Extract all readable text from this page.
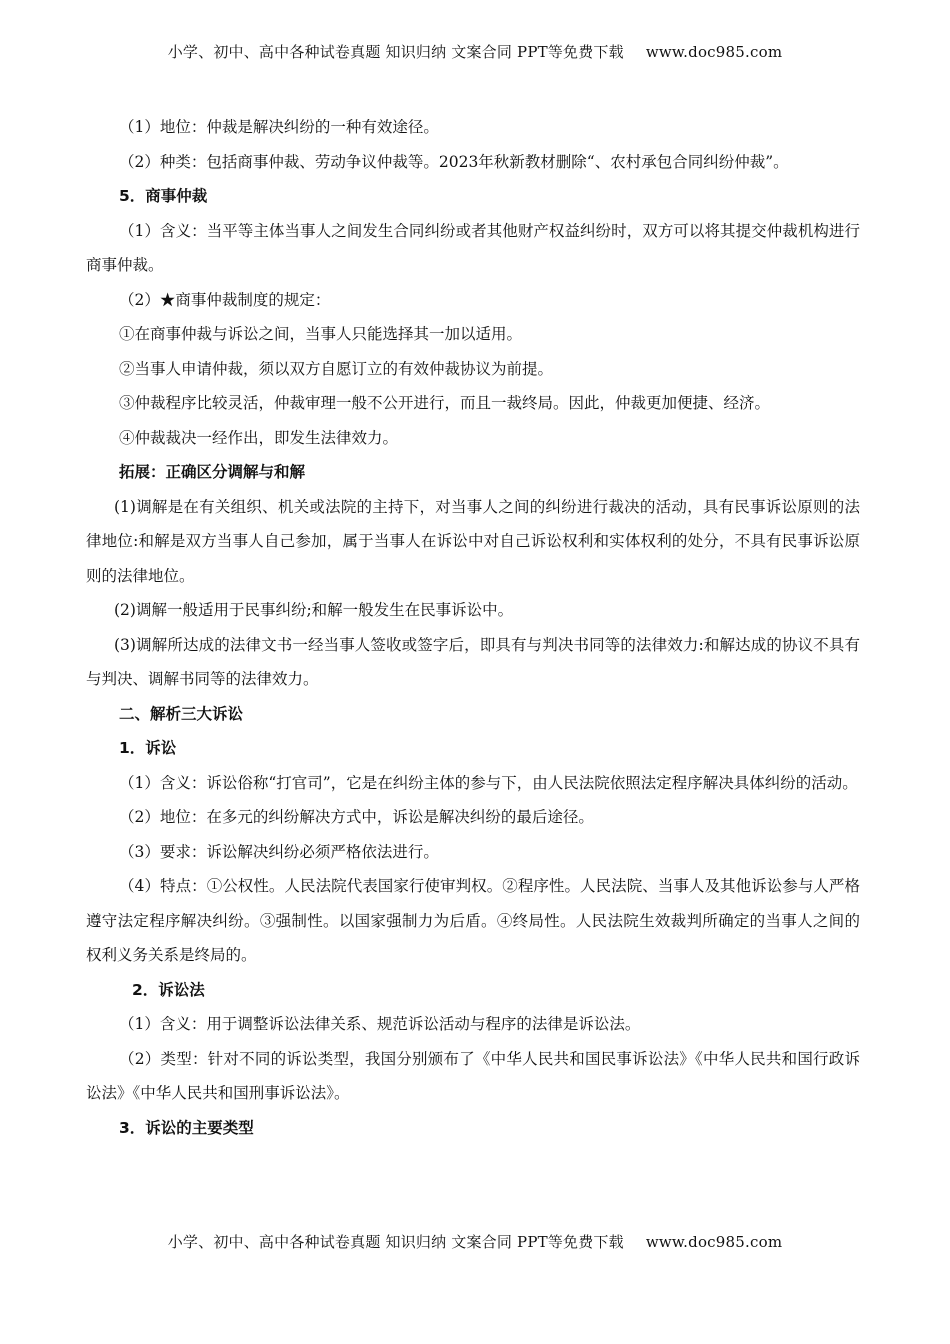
小学、初中、高中各种试卷真题 知识归纳 文案合同 PPT等免费下载 www.doc985.com
（1）地位：仲裁是解决纠纷的一种有效途径。
（2）种类：包括商事仲裁、劳动争议仲裁等。2023年秋新教材删除“、农村承包合同纠纷仲裁”。
5．商事仲裁
（1）含义：当平等主体当事人之间发生合同纠纷或者其他财产权益纠纷时，双方可以将其提交仲裁机构进行商事仲裁。
（2）★商事仲裁制度的规定：
①在商事仲裁与诉讼之间，当事人只能选择其一加以适用。
②当事人申请仲裁，须以双方自愿订立的有效仲裁协议为前提。
③仲裁程序比较灵活，仲裁审理一般不公开进行，而且一裁终局。因此，仲裁更加便捷、经济。
④仲裁裁决一经作出，即发生法律效力。
拓展：正确区分调解与和解
(1)调解是在有关组织、机关或法院的主持下，对当事人之间的纠纷进行裁决的活动，具有民事诉讼原则的法律地位:和解是双方当事人自己参加，属于当事人在诉讼中对自己诉讼权利和实体权利的处分，不具有民事诉讼原则的法律地位。
(2)调解一般适用于民事纠纷;和解一般发生在民事诉讼中。
(3)调解所达成的法律文书一经当事人签收或签字后，即具有与判决书同等的法律效力:和解达成的协议不具有与判决、调解书同等的法律效力。
二、解析三大诉讼
1．诉讼
（1）含义：诉讼俗称“打官司”，它是在纠纷主体的参与下，由人民法院依照法定程序解决具体纠纷的活动。
（2）地位：在多元的纠纷解决方式中，诉讼是解决纠纷的最后途径。
（3）要求：诉讼解决纠纷必须严格依法进行。
（4）特点：①公权性。人民法院代表国家行使审判权。②程序性。人民法院、当事人及其他诉讼参与人严格遵守法定程序解决纠纷。③强制性。以国家强制力为后盾。④终局性。人民法院生效裁判所确定的当事人之间的权利义务关系是终局的。
2．诉讼法
（1）含义：用于调整诉讼法律关系、规范诉讼活动与程序的法律是诉讼法。
（2）类型：针对不同的诉讼类型，我国分别颁布了《中华人民共和国民事诉讼法》《中华人民共和国行政诉讼法》《中华人民共和国刑事诉讼法》。
3．诉讼的主要类型
小学、初中、高中各种试卷真题 知识归纳 文案合同 PPT等免费下载 www.doc985.com
